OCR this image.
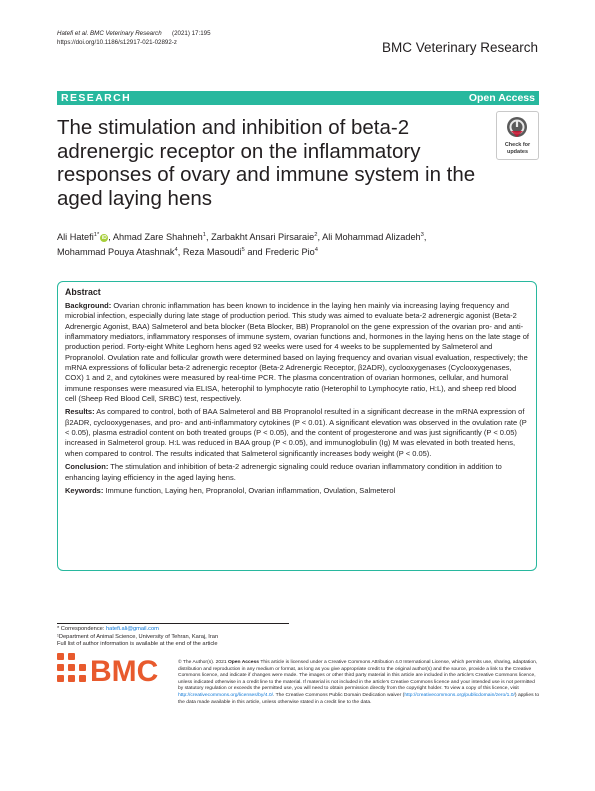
Hatefi et al. BMC Veterinary Research (2021) 17:195
https://doi.org/10.1186/s12917-021-02892-z	BMC Veterinary Research
RESEARCH	Open Access
The stimulation and inhibition of beta-2 adrenergic receptor on the inflammatory responses of ovary and immune system in the aged laying hens
Check for
updates
Ali Hatefi$^{1*}$ iD , Ahmad Zare Shahneh$^1$, Zarbakht Ansari Pirsaraie$^2$, Ali Mohammad Alizadeh$^3$,
Mohammad Pouya Atashnak$^4$, Reza Masoudi$^5$ and Frederic Pio$^4$
Abstract

Background: Ovarian chronic inflammation has been known to incidence in the laying hen mainly via increasing laying frequency and microbial infection, especially during late stage of production period. This study was aimed to evaluate beta-2 adrenergic agonist (Beta-2 Adrenergic Agonist, BAA) Salmeterol and beta blocker (Beta Blocker, BB) Propranolol on the gene expression of the ovarian pro- and anti-inflammatory mediators, inflammatory responses of immune system, ovarian functions and, hormones in the laying hens on the late stage of production period. Forty-eight White Leghorn hens aged 92 weeks were used for 4 weeks to be supplemented by Salmeterol and Propranolol. Ovulation rate and follicular growth were determined based on laying frequency and ovarian visual evaluation, respectively; the mRNA expressions of follicular beta-2 adrenergic receptor (Beta-2 Adrenergic Receptor, β2ADR), cyclooxygenases (Cyclooxygenases, COX) 1 and 2, and cytokines were measured by real-time PCR. The plasma concentration of ovarian hormones, cellular, and humoral immune responses were measured via ELISA, heterophil to lymphocyte ratio (Heterophil to Lymphocyte ratio, H:L), and sheep red blood cell (Sheep Red Blood Cell, SRBC) test, respectively.

Results: As compared to control, both of BAA Salmeterol and BB Propranolol resulted in a significant decrease in the mRNA expression of β2ADR, cyclooxygenases, and pro- and anti-inflammatory cytokines (P < 0.01). A significant elevation was observed in the ovulation rate (P < 0.05), plasma estradiol content on both treated groups (P < 0.05), and the content of progesterone and was just significantly (P < 0.05) increased in Salmeterol group. H:L was reduced in BAA group (P < 0.05), and immunoglobulin (Ig) M was elevated in both treated hens, when compared to control. The results indicated that Salmeterol significantly increases body weight (P < 0.05).

Conclusion: The stimulation and inhibition of beta-2 adrenergic signaling could reduce ovarian inflammatory condition in addition to enhancing laying efficiency in the aged laying hens.

Keywords: Immune function, Laying hen, Propranolol, Ovarian inflammation, Ovulation, Salmeterol

* Correspondence: hatefi.ali@gmail.com
¹Department of Animal Science, University of Tehran, Karaj, Iran
Full list of author information is available at the end of the article
BMC	© The Author(s). 2021 Open Access This article is licensed under a Creative Commons Attribution 4.0 International License, which permits use, sharing, adaptation, distribution and reproduction in any medium or format, as long as you give appropriate credit to the original author(s) and the source, provide a link to the Creative Commons licence, and indicate if changes were made. The images or other third party material in this article are included in the article's Creative Commons licence, unless indicated otherwise in a credit line to the material. If material is not included in the article's Creative Commons licence and your intended use is not permitted by statutory regulation or exceeds the permitted use, you will need to obtain permission directly from the copyright holder. To view a copy of this licence, visit http://creativecommons.org/licenses/by/4.0/. The Creative Commons Public Domain Dedication waiver (http://creativecommons.org/publicdomain/zero/1.0/) applies to the data made available in this article, unless otherwise stated in a credit line to the data.
